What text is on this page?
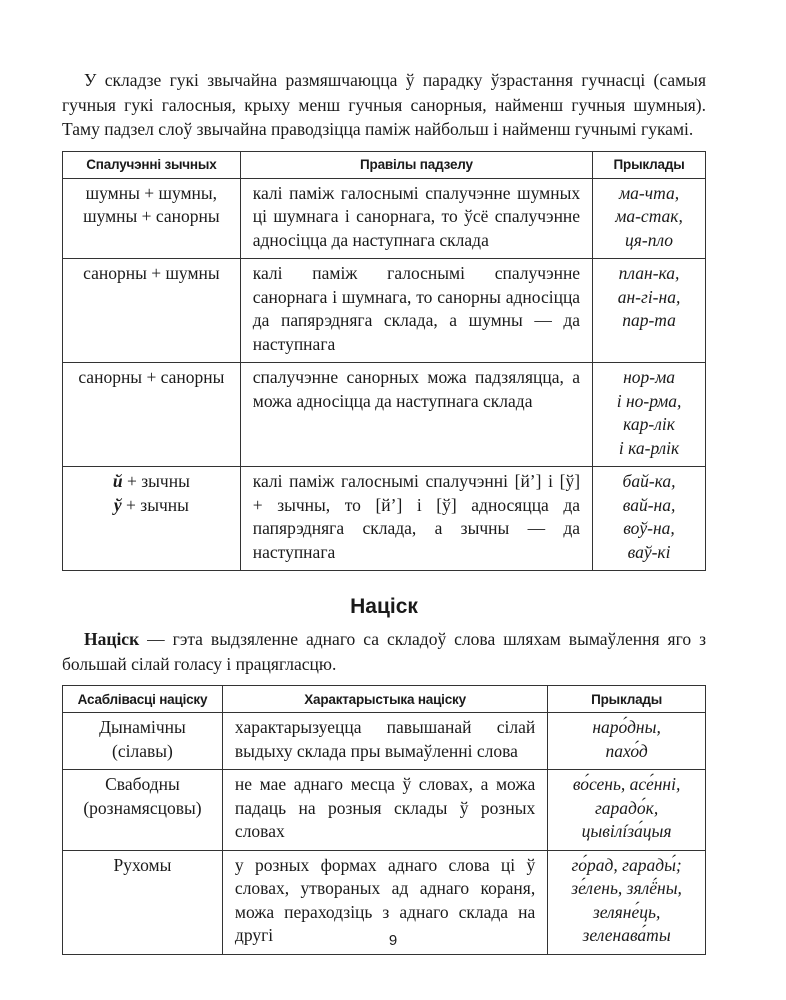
У складзе гукі звычайна размяшчаюцца ў парадку ўзрастання гучнасці (самыя гучныя гукі галосныя, крыху менш гучныя санорныя, найменш гучныя шумныя). Таму падзел слоў звычайна праводзіцца паміж найбольш і найменш гучнымі гукамі.

Спалучэнні зычных	Правілы падзелу	Прыклады

шумны + шумны,
шумны + санорны	калі паміж галоснымі спалучэнне шумных ці шумнага і санорнага, то ўсё спалучэнне адносіцца да наступнага склада	ма-чта,
ма-стак,
ця-пло

санорны + шумны	калі паміж галоснымі спалучэнне санорнага і шумнага, то санорны адносіцца да папярэдняга склада, а шумны — да наступнага	план-ка,
ан-гі-на,
пар-та

санорны + санорны	спалучэнне санорных можа падзяляцца, а можа адносіцца да наступнага склада	нор-ма
і но-рма,
кар-лік
і ка-рлік

й + зычны
ў + зычны	калі паміж галоснымі спалучэнні [й’] і [ў] + зычны, то [й’] і [ў] адносяцца да папярэдняга склада, а зычны — да наступнага	бай-ка,
вай-на,
воў-на,
ваў-кі
Націск

Націск — гэта выдзяленне аднаго са складоў слова шляхам вымаўлення яго з большай сілай голасу і працягласцю.

Асаблівасці націску	Характарыстыка націску	Прыклады

Дынамічны
(сілавы)	характарызуецца павышанай сілай выдыху склада пры вымаўленні слова	наро́дны,
пахо́д

Свабодны
(рознамясцовы)	не мае аднаго месца ў словах, а можа падаць на розныя склады ў розных словах	во́сень, асе́нні,
гарадо́к,
цывілíза́цыя

Рухомы	у розных формах аднаго слова ці ў словах, утвораных ад аднаго кораня, можа пераходзіць з аднаго склада на другі	го́рад, гарады́;
зе́лень, зялё́ны,
зеляне́ць,
зеленава́ты
9
